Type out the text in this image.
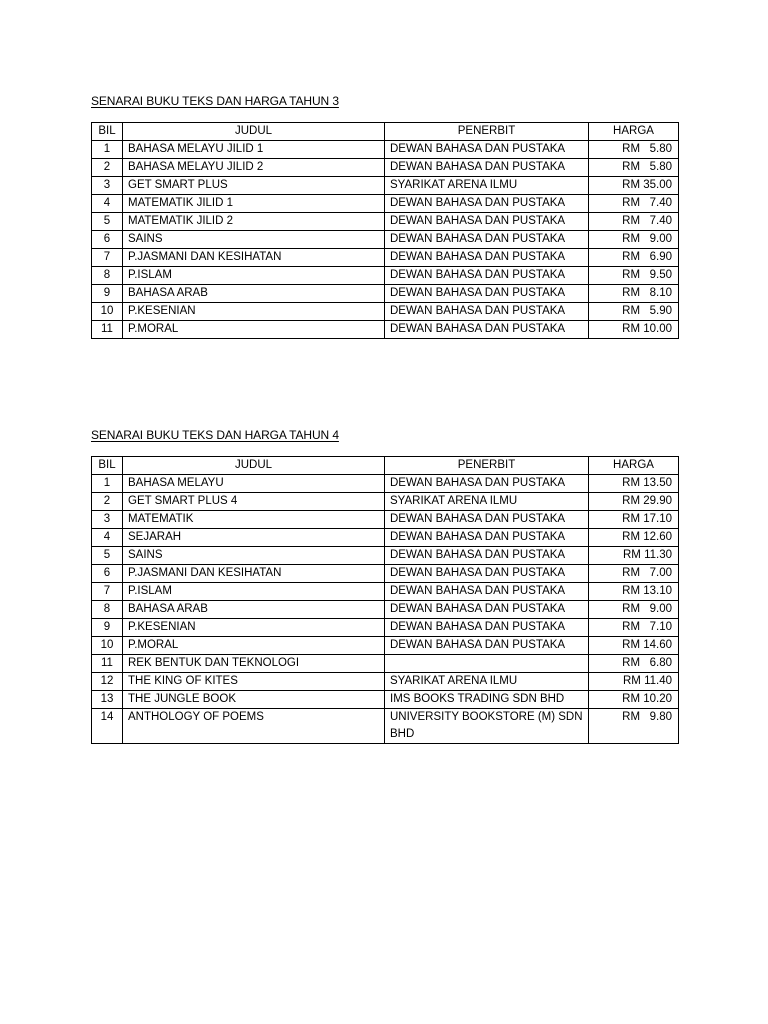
SENARAI BUKU TEKS DAN HARGA TAHUN 3
BIL	JUDUL	PENERBIT	HARGA
1	BAHASA MELAYU JILID 1	DEWAN BAHASA DAN PUSTAKA	RM   5.80
2	BAHASA MELAYU JILID 2	DEWAN BAHASA DAN PUSTAKA	RM   5.80
3	GET SMART PLUS	SYARIKAT ARENA ILMU	RM 35.00
4	MATEMATIK JILID 1	DEWAN BAHASA DAN PUSTAKA	RM   7.40
5	MATEMATIK JILID 2	DEWAN BAHASA DAN PUSTAKA	RM   7.40
6	SAINS	DEWAN BAHASA DAN PUSTAKA	RM   9.00
7	P.JASMANI DAN KESIHATAN	DEWAN BAHASA DAN PUSTAKA	RM   6.90
8	P.ISLAM	DEWAN BAHASA DAN PUSTAKA	RM   9.50
9	BAHASA ARAB	DEWAN BAHASA DAN PUSTAKA	RM   8.10
10	P.KESENIAN	DEWAN BAHASA DAN PUSTAKA	RM   5.90
11	P.MORAL	DEWAN BAHASA DAN PUSTAKA	RM 10.00
SENARAI BUKU TEKS DAN HARGA TAHUN 4
BIL	JUDUL	PENERBIT	HARGA
1	BAHASA MELAYU	DEWAN BAHASA DAN PUSTAKA	RM 13.50
2	GET SMART PLUS 4	SYARIKAT ARENA ILMU	RM 29.90
3	MATEMATIK	DEWAN BAHASA DAN PUSTAKA	RM 17.10
4	SEJARAH	DEWAN BAHASA DAN PUSTAKA	RM 12.60
5	SAINS	DEWAN BAHASA DAN PUSTAKA	RM 11.30
6	P.JASMANI DAN KESIHATAN	DEWAN BAHASA DAN PUSTAKA	RM   7.00
7	P.ISLAM	DEWAN BAHASA DAN PUSTAKA	RM 13.10
8	BAHASA ARAB	DEWAN BAHASA DAN PUSTAKA	RM   9.00
9	P.KESENIAN	DEWAN BAHASA DAN PUSTAKA	RM   7.10
10	P.MORAL	DEWAN BAHASA DAN PUSTAKA	RM 14.60
11	REK BENTUK DAN TEKNOLOGI		RM   6.80
12	THE KING OF KITES	SYARIKAT ARENA ILMU	RM 11.40
13	THE JUNGLE BOOK	IMS BOOKS TRADING SDN BHD	RM 10.20
14	ANTHOLOGY OF POEMS	UNIVERSITY BOOKSTORE (M) SDN BHD	RM   9.80
